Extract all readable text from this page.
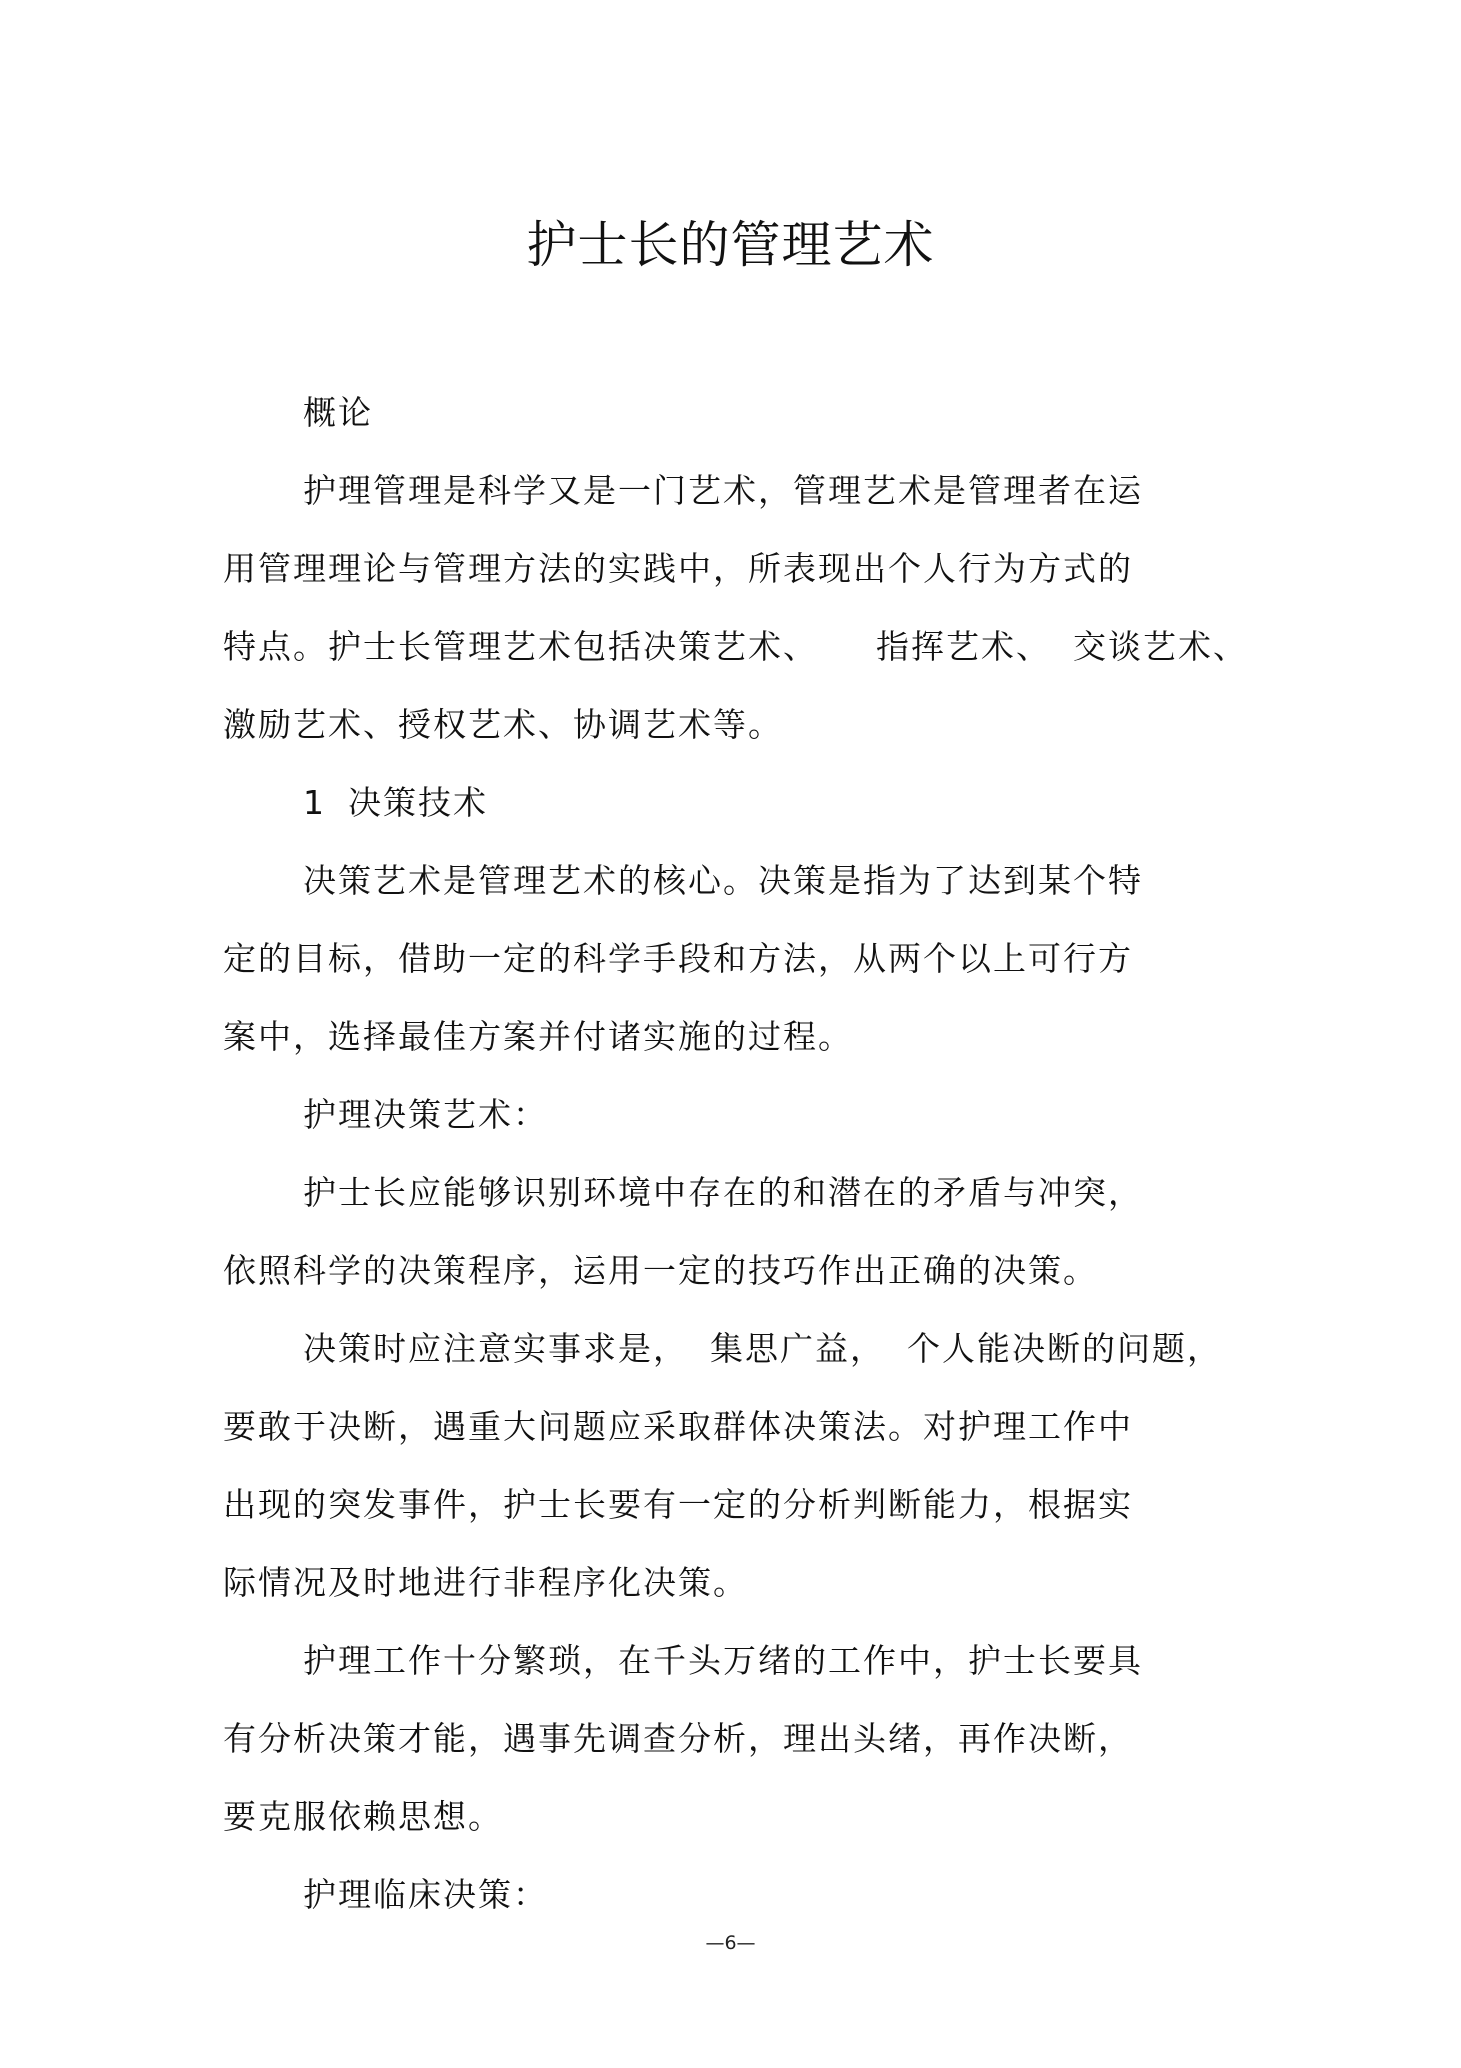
护士长的管理艺术
概论
护理管理是科学又是一门艺术，管理艺术是管理者在运
用管理理论与管理方法的实践中，所表现出个人行为方式的
特点。护士长管理艺术包括决策艺术、 指挥艺术、 交谈艺术、
激励艺术、授权艺术、协调艺术等。
1 决策技术
决策艺术是管理艺术的核心。决策是指为了达到某个特
定的目标，借助一定的科学手段和方法，从两个以上可行方
案中，选择最佳方案并付诸实施的过程。
护理决策艺术：
护士长应能够识别环境中存在的和潜在的矛盾与冲突，
依照科学的决策程序，运用一定的技巧作出正确的决策。
决策时应注意实事求是， 集思广益， 个人能决断的问题，
要敢于决断，遇重大问题应采取群体决策法。对护理工作中
出现的突发事件，护士长要有一定的分析判断能力，根据实
际情况及时地进行非程序化决策。
护理工作十分繁琐，在千头万绪的工作中，护士长要具
有分析决策才能，遇事先调查分析，理出头绪，再作决断，
要克服依赖思想。
护理临床决策：
—6—
